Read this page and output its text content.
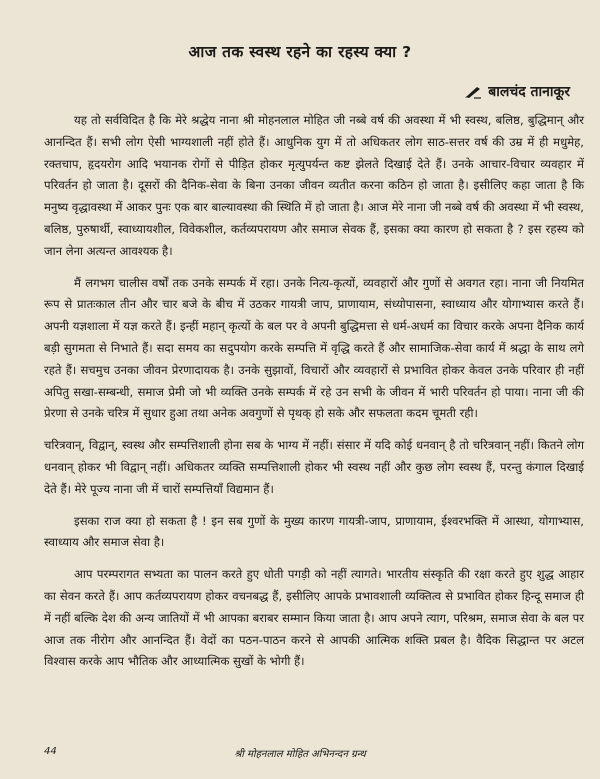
आज तक स्वस्थ रहने का रहस्य क्या ?
बालचंद तानाकूर

यह तो सर्वविदित है कि मेरे श्रद्धेय नाना श्री मोहनलाल मोहित जी नब्बे वर्ष की अवस्था में भी स्वस्थ, बलिष्ठ, बुद्धिमान् और आनन्दित हैं। सभी लोग ऐसी भाग्यशाली नहीं होते हैं। आधुनिक युग में तो अधिकतर लोग साठ-सत्तर वर्ष की उम्र में ही मधुमेह, रक्तचाप, हृदयरोग आदि भयानक रोगों से पीड़ित होकर मृत्युपर्यन्त कष्ट झेलते दिखाई देते हैं। उनके आचार-विचार व्यवहार में परिवर्तन हो जाता है। दूसरों की दैनिक-सेवा के बिना उनका जीवन व्यतीत करना कठिन हो जाता है। इसीलिए कहा जाता है कि मनुष्य वृद्धावस्था में आकर पुनः एक बार बाल्यावस्था की स्थिति में हो जाता है। आज मेरे नाना जी नब्बे वर्ष की अवस्था में भी स्वस्थ, बलिष्ठ, पुरुषार्थी, स्वाध्यायशील, विवेकशील, कर्तव्यपरायण और समाज सेवक हैं, इसका क्या कारण हो सकता है ? इस रहस्य को जान लेना अत्यन्त आवश्यक है।

मैं लगभग चालीस वर्षों तक उनके सम्पर्क में रहा। उनके नित्य-कृत्यों, व्यवहारों और गुणों से अवगत रहा। नाना जी नियमित रूप से प्रातःकाल तीन और चार बजे के बीच में उठकर गायत्री जाप, प्राणायाम, संध्योपासना, स्वाध्याय और योगाभ्यास करते हैं। अपनी यज्ञशाला में यज्ञ करते हैं। इन्हीं महान् कृत्यों के बल पर वे अपनी बुद्धिमत्ता से धर्म-अधर्म का विचार करके अपना दैनिक कार्य बड़ी सुगमता से निभाते हैं। सदा समय का सदुपयोग करके सम्पत्ति में वृद्धि करते हैं और सामाजिक-सेवा कार्य में श्रद्धा के साथ लगे रहते हैं। सचमुच उनका जीवन प्रेरणादायक है। उनके सुझावों, विचारों और व्यवहारों से प्रभावित होकर केवल उनके परिवार ही नहीं अपितु सखा-सम्बन्धी, समाज प्रेमी जो भी व्यक्ति उनके सम्पर्क में रहे उन सभी के जीवन में भारी परिवर्तन हो पाया। नाना जी की प्रेरणा से उनके चरित्र में सुधार हुआ तथा अनेक अवगुणों से पृथक् हो सके और सफलता कदम चूमती रही।

चरित्रवान्, विद्वान्, स्वस्थ और सम्पत्तिशाली होना सब के भाग्य में नहीं। संसार में यदि कोई धनवान् है तो चरित्रवान् नहीं। कितने लोग धनवान् होकर भी विद्वान् नहीं। अधिकतर व्यक्ति सम्पत्तिशाली होकर भी स्वस्थ नहीं और कुछ लोग स्वस्थ हैं, परन्तु कंगाल दिखाई देते हैं। मेरे पूज्य नाना जी में चारों सम्पत्तियाँ विद्यमान हैं।

इसका राज क्या हो सकता है ! इन सब गुणों के मुख्य कारण गायत्री-जाप, प्राणायाम, ईश्वरभक्ति में आस्था, योगाभ्यास, स्वाध्याय और समाज सेवा है।

आप परम्परागत सभ्यता का पालन करते हुए धोती पगड़ी को नहीं त्यागते। भारतीय संस्कृति की रक्षा करते हुए शुद्ध आहार का सेवन करते हैं। आप कर्तव्यपरायण होकर वचनबद्ध हैं, इसीलिए आपके प्रभावशाली व्यक्तित्व से प्रभावित होकर हिन्दू समाज ही में नहीं बल्कि देश की अन्य जातियों में भी आपका बराबर सम्मान किया जाता है। आप अपने त्याग, परिश्रम, समाज सेवा के बल पर आज तक नीरोग और आनन्दित हैं। वेदों का पठन-पाठन करने से आपकी आत्मिक शक्ति प्रबल है। वैदिक सिद्धान्त पर अटल विश्वास करके आप भौतिक और आध्यात्मिक सुखों के भोगी हैं।

44	श्री मोहनलाल मोहित अभिनन्दन ग्रन्थ
